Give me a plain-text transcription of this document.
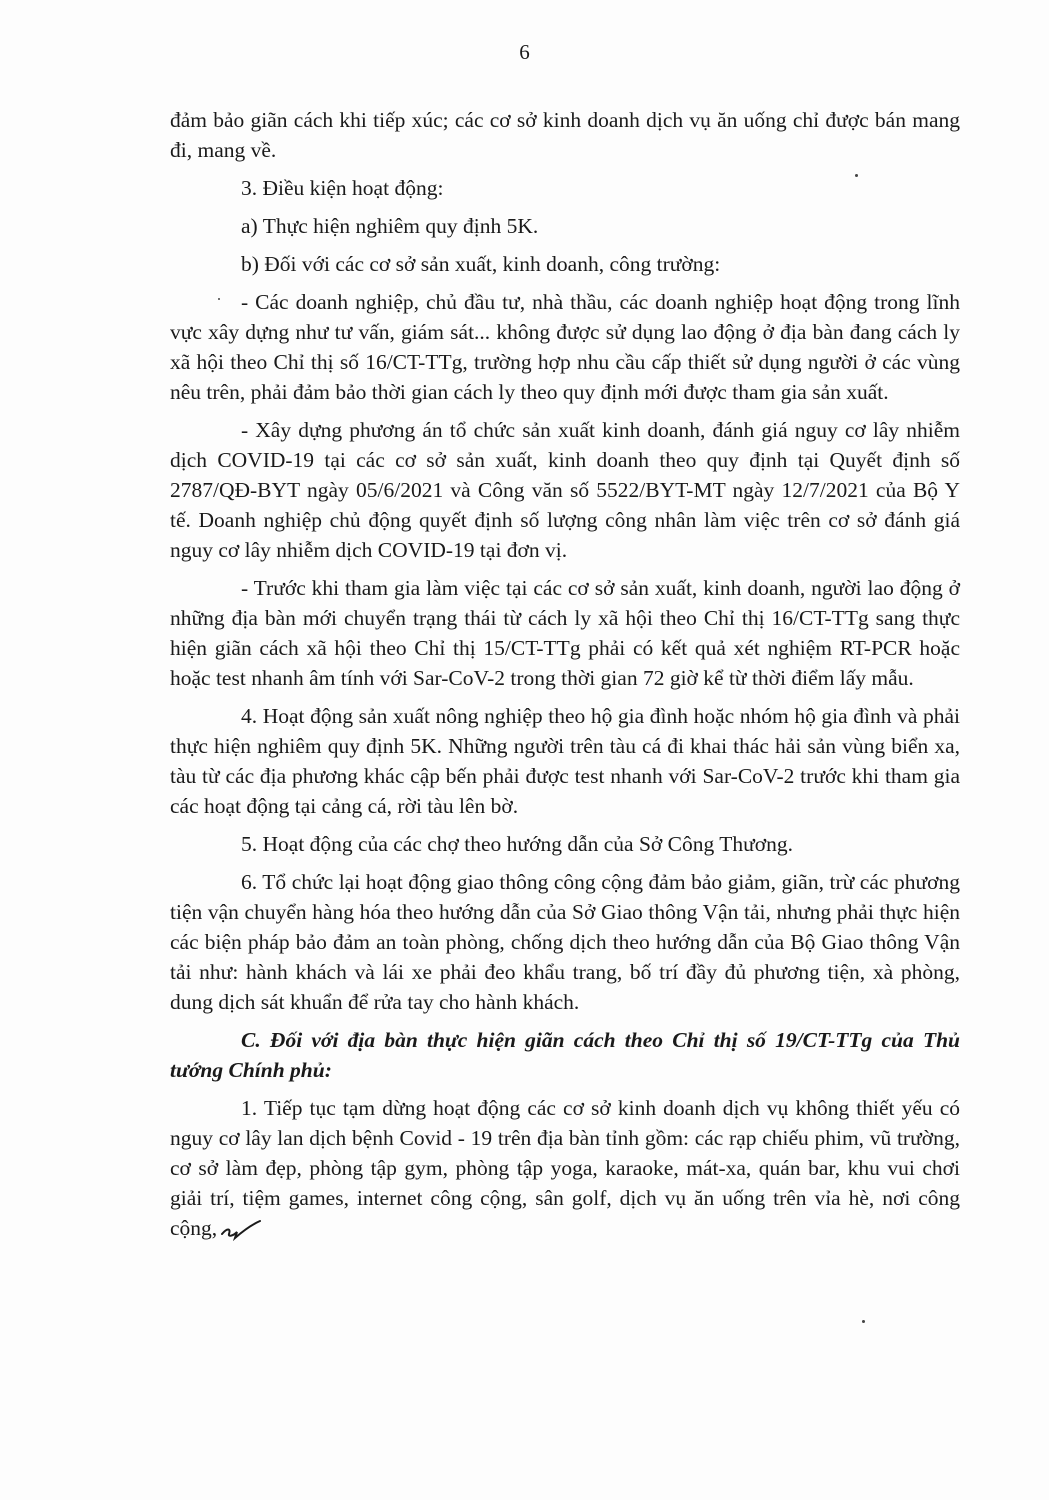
6

đảm bảo giãn cách khi tiếp xúc; các cơ sở kinh doanh dịch vụ ăn uống chỉ được bán mang đi, mang về.

3. Điều kiện hoạt động:

a) Thực hiện nghiêm quy định 5K.

b) Đối với các cơ sở sản xuất, kinh doanh, công trường:

- Các doanh nghiệp, chủ đầu tư, nhà thầu, các doanh nghiệp hoạt động trong lĩnh vực xây dựng như tư vấn, giám sát... không được sử dụng lao động ở địa bàn đang cách ly xã hội theo Chỉ thị số 16/CT-TTg, trường hợp nhu cầu cấp thiết sử dụng người ở các vùng nêu trên, phải đảm bảo thời gian cách ly theo quy định mới được tham gia sản xuất.

- Xây dựng phương án tổ chức sản xuất kinh doanh, đánh giá nguy cơ lây nhiễm dịch COVID-19 tại các cơ sở sản xuất, kinh doanh theo quy định tại Quyết định số 2787/QĐ-BYT ngày 05/6/2021 và Công văn số 5522/BYT-MT ngày 12/7/2021 của Bộ Y tế. Doanh nghiệp chủ động quyết định số lượng công nhân làm việc trên cơ sở đánh giá nguy cơ lây nhiễm dịch COVID-19 tại đơn vị.

- Trước khi tham gia làm việc tại các cơ sở sản xuất, kinh doanh, người lao động ở những địa bàn mới chuyển trạng thái từ cách ly xã hội theo Chỉ thị 16/CT-TTg sang thực hiện giãn cách xã hội theo Chỉ thị 15/CT-TTg phải có kết quả xét nghiệm RT-PCR hoặc hoặc test nhanh âm tính với Sar-CoV-2 trong thời gian 72 giờ kể từ thời điểm lấy mẫu.

4. Hoạt động sản xuất nông nghiệp theo hộ gia đình hoặc nhóm hộ gia đình và phải thực hiện nghiêm quy định 5K. Những người trên tàu cá đi khai thác hải sản vùng biển xa, tàu từ các địa phương khác cập bến phải được test nhanh với Sar-CoV-2 trước khi tham gia các hoạt động tại cảng cá, rời tàu lên bờ.

5. Hoạt động của các chợ theo hướng dẫn của Sở Công Thương.

6. Tổ chức lại hoạt động giao thông công cộng đảm bảo giảm, giãn, trừ các phương tiện vận chuyển hàng hóa theo hướng dẫn của Sở Giao thông Vận tải, nhưng phải thực hiện các biện pháp bảo đảm an toàn phòng, chống dịch theo hướng dẫn của Bộ Giao thông Vận tải như: hành khách và lái xe phải đeo khẩu trang, bố trí đầy đủ phương tiện, xà phòng, dung dịch sát khuẩn để rửa tay cho hành khách.

C. Đối với địa bàn thực hiện giãn cách theo Chỉ thị số 19/CT-TTg của Thủ tướng Chính phủ:

1. Tiếp tục tạm dừng hoạt động các cơ sở kinh doanh dịch vụ không thiết yếu có nguy cơ lây lan dịch bệnh Covid - 19 trên địa bàn tỉnh gồm: các rạp chiếu phim, vũ trường, cơ sở làm đẹp, phòng tập gym, phòng tập yoga, karaoke, mát-xa, quán bar, khu vui chơi giải trí, tiệm games, internet công cộng, sân golf, dịch vụ ăn uống trên vỉa hè, nơi công cộng,
